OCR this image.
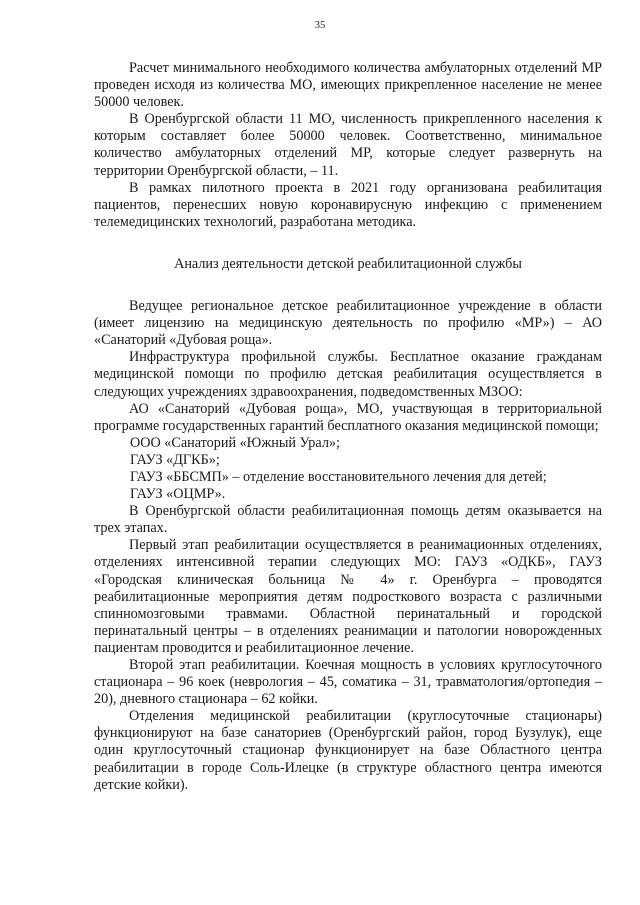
35

Расчет минимального необходимого количества амбулаторных отделений МР проведен исходя из количества МО, имеющих прикрепленное население не менее 50000 человек.

В Оренбургской области 11 МО, численность прикрепленного населения к которым составляет более 50000 человек. Соответственно, минимальное количество амбулаторных отделений МР, которые следует развернуть на территории Оренбургской области, – 11.

В рамках пилотного проекта в 2021 году организована реабилитация пациентов, перенесших новую коронавирусную инфекцию с применением телемедицинских технологий, разработана методика.

Анализ деятельности детской реабилитационной службы

Ведущее региональное детское реабилитационное учреждение в области (имеет лицензию на медицинскую деятельность по профилю «МР») – АО «Санаторий «Дубовая роща».

Инфраструктура профильной службы. Бесплатное оказание гражданам медицинской помощи по профилю детская реабилитация осуществляется в следующих учреждениях здравоохранения, подведомственных МЗОО:

АО «Санаторий «Дубовая роща», МО, участвующая в территориальной программе государственных гарантий бесплатного оказания медицинской помощи;

ООО «Санаторий «Южный Урал»;

ГАУЗ «ДГКБ»;

ГАУЗ «ББСМП» – отделение восстановительного лечения для детей;

ГАУЗ «ОЦМР».

В Оренбургской области реабилитационная помощь детям оказывается на трех этапах.

Первый этап реабилитации осуществляется в реанимационных отделениях, отделениях интенсивной терапии следующих МО: ГАУЗ «ОДКБ», ГАУЗ «Городская клиническая больница № 4» г. Оренбурга – проводятся реабилитационные мероприятия детям подросткового возраста с различными спинномозговыми травмами. Областной перинатальный и городской перинатальный центры – в отделениях реанимации и патологии новорожденных пациентам проводится и реабилитационное лечение.

Второй этап реабилитации. Коечная мощность в условиях круглосуточного стационара – 96 коек (неврология – 45, соматика – 31, травматология/ортопедия – 20), дневного стационара – 62 койки.

Отделения медицинской реабилитации (круглосуточные стационары) функционируют на базе санаториев (Оренбургский район, город Бузулук), еще один круглосуточный стационар функционирует на базе Областного центра реабилитации в городе Соль-Илецке (в структуре областного центра имеются детские койки).
